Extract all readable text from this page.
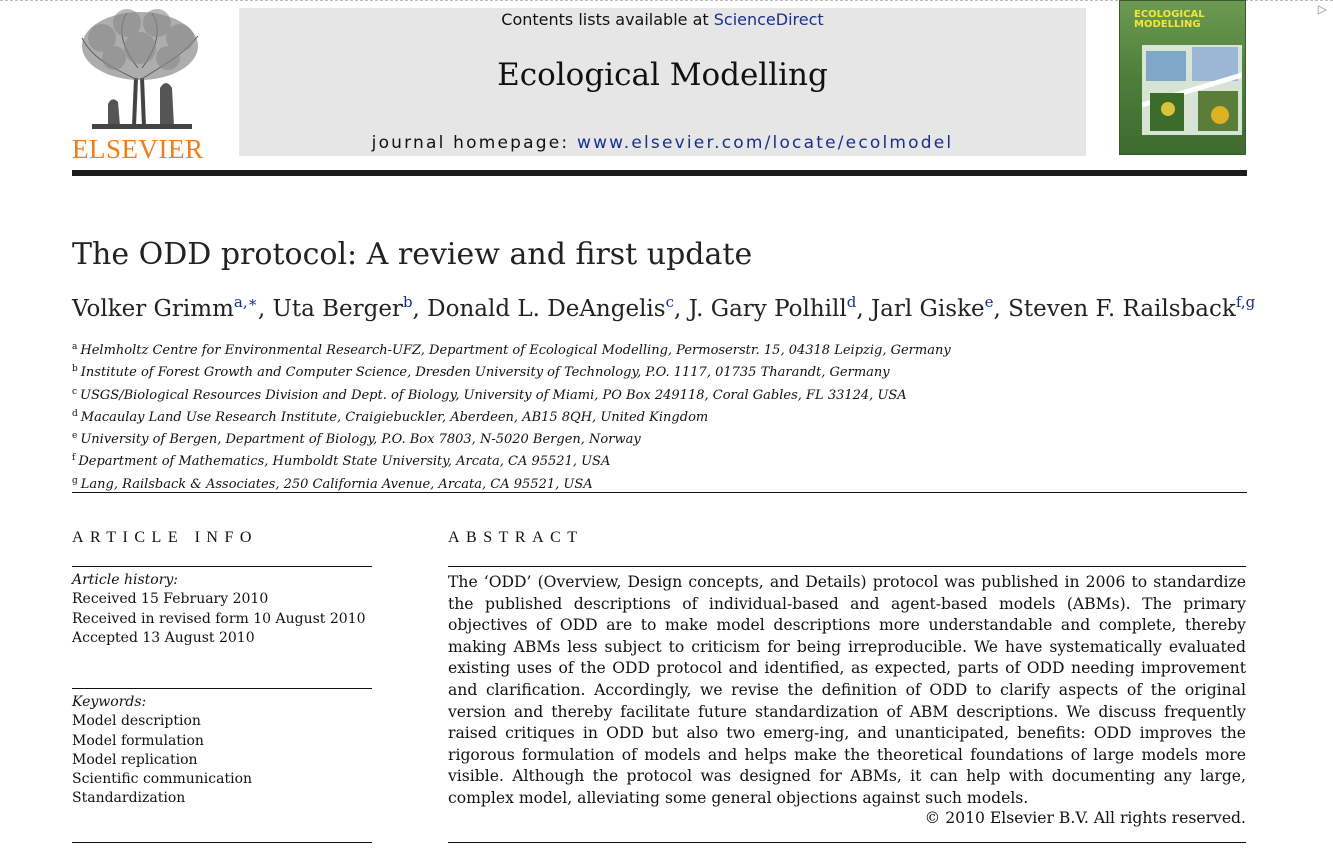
▷
ELSEVIER
Contents lists available at ScienceDirect
Ecological Modelling
journal homepage: www.elsevier.com/locate/ecolmodel
ECOLOGICAL
MODELLING
The ODD protocol: A review and first update
Volker Grimm$^{a,∗}$, Uta Berger$^b$, Donald L. DeAngelis$^c$, J. Gary Polhill$^d$, Jarl Giske$^e$, Steven F. Railsback$^{f,g}$
$^a$ Helmholtz Centre for Environmental Research-UFZ, Department of Ecological Modelling, Permoserstr. 15, 04318 Leipzig, Germany
$^b$ Institute of Forest Growth and Computer Science, Dresden University of Technology, P.O. 1117, 01735 Tharandt, Germany
$^c$ USGS/Biological Resources Division and Dept. of Biology, University of Miami, PO Box 249118, Coral Gables, FL 33124, USA
$^d$ Macaulay Land Use Research Institute, Craigiebuckler, Aberdeen, AB15 8QH, United Kingdom
$^e$ University of Bergen, Department of Biology, P.O. Box 7803, N-5020 Bergen, Norway
$^f$ Department of Mathematics, Humboldt State University, Arcata, CA 95521, USA
$^g$ Lang, Railsback & Associates, 250 California Avenue, Arcata, CA 95521, USA
ARTICLE INFO
Article history:
Received 15 February 2010
Received in revised form 10 August 2010
Accepted 13 August 2010
Keywords:
Model description
Model formulation
Model replication
Scientific communication
Standardization
ABSTRACT

The ‘ODD’ (Overview, Design concepts, and Details) protocol was published in 2006 to standardize the published descriptions of individual-based and agent-based models (ABMs). The primary objectives of ODD are to make model descriptions more understandable and complete, thereby making ABMs less subject to criticism for being irreproducible. We have systematically evaluated existing uses of the ODD protocol and identified, as expected, parts of ODD needing improvement and clarification. Accordingly, we revise the definition of ODD to clarify aspects of the original version and thereby facilitate future standardization of ABM descriptions. We discuss frequently raised critiques in ODD but also two emerg-ing, and unanticipated, benefits: ODD improves the rigorous formulation of models and helps make the theoretical foundations of large models more visible. Although the protocol was designed for ABMs, it can help with documenting any large, complex model, alleviating some general objections against such models.

© 2010 Elsevier B.V. All rights reserved.
